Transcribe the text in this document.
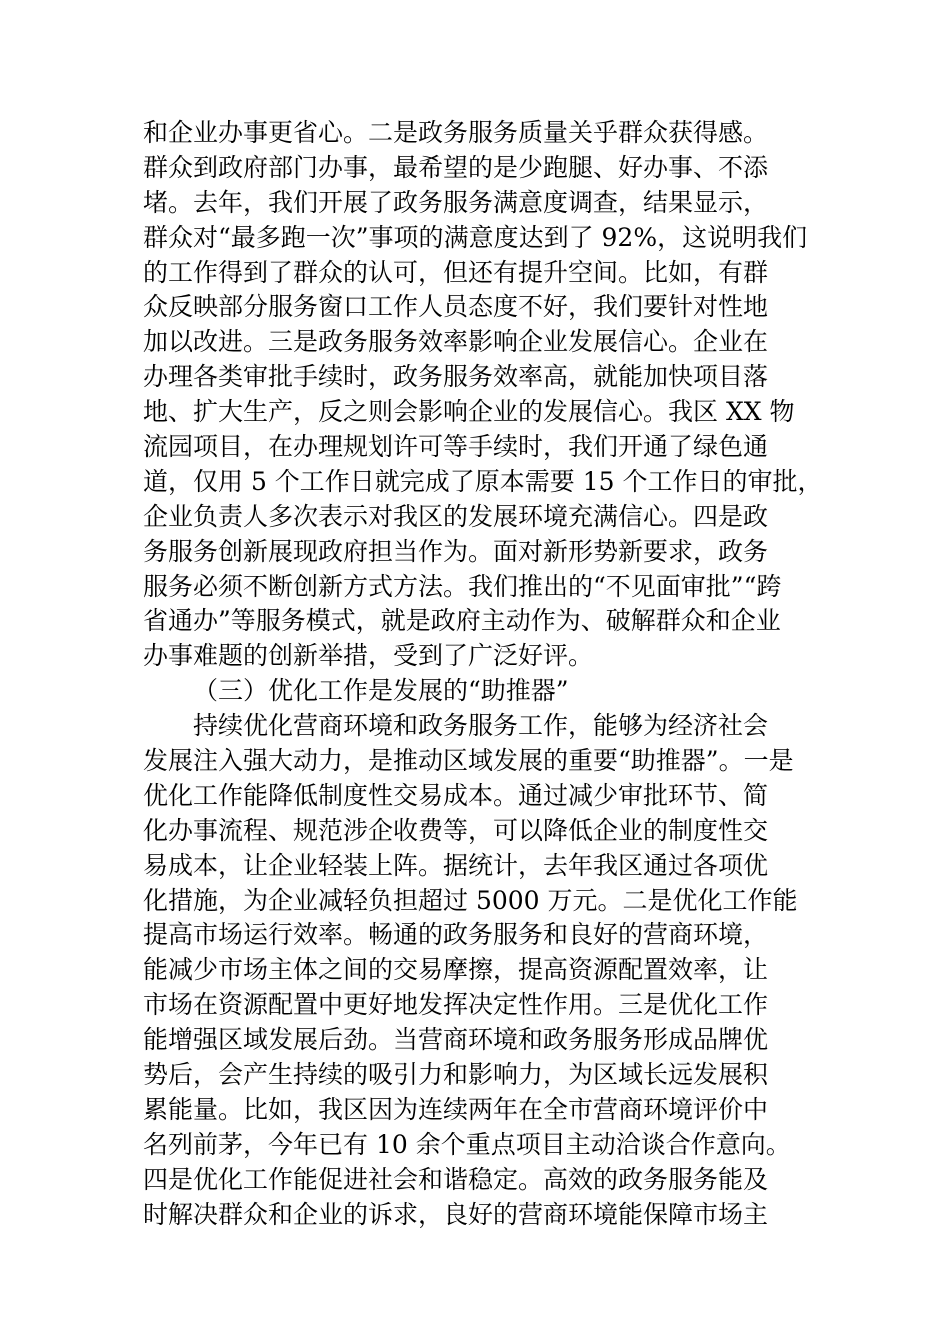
和企业办事更省心。二是政务服务质量关乎群众获得感。
群众到政府部门办事，最希望的是少跑腿、好办事、不添
堵。去年，我们开展了政务服务满意度调查，结果显示，
群众对“最多跑一次”事项的满意度达到了 92%，这说明我们
的工作得到了群众的认可，但还有提升空间。比如，有群
众反映部分服务窗口工作人员态度不好，我们要针对性地
加以改进。三是政务服务效率影响企业发展信心。企业在
办理各类审批手续时，政务服务效率高，就能加快项目落
地、扩大生产，反之则会影响企业的发展信心。我区 XX 物
流园项目，在办理规划许可等手续时，我们开通了绿色通
道，仅用 5 个工作日就完成了原本需要 15 个工作日的审批，
企业负责人多次表示对我区的发展环境充满信心。四是政
务服务创新展现政府担当作为。面对新形势新要求，政务
服务必须不断创新方式方法。我们推出的“不见面审批”“跨
省通办”等服务模式，就是政府主动作为、破解群众和企业
办事难题的创新举措，受到了广泛好评。
（三）优化工作是发展的“助推器”
持续优化营商环境和政务服务工作，能够为经济社会
发展注入强大动力，是推动区域发展的重要“助推器”。一是
优化工作能降低制度性交易成本。通过减少审批环节、简
化办事流程、规范涉企收费等，可以降低企业的制度性交
易成本，让企业轻装上阵。据统计，去年我区通过各项优
化措施，为企业减轻负担超过 5000 万元。二是优化工作能
提高市场运行效率。畅通的政务服务和良好的营商环境，
能减少市场主体之间的交易摩擦，提高资源配置效率，让
市场在资源配置中更好地发挥决定性作用。三是优化工作
能增强区域发展后劲。当营商环境和政务服务形成品牌优
势后，会产生持续的吸引力和影响力，为区域长远发展积
累能量。比如，我区因为连续两年在全市营商环境评价中
名列前茅，今年已有 10 余个重点项目主动洽谈合作意向。
四是优化工作能促进社会和谐稳定。高效的政务服务能及
时解决群众和企业的诉求，良好的营商环境能保障市场主
